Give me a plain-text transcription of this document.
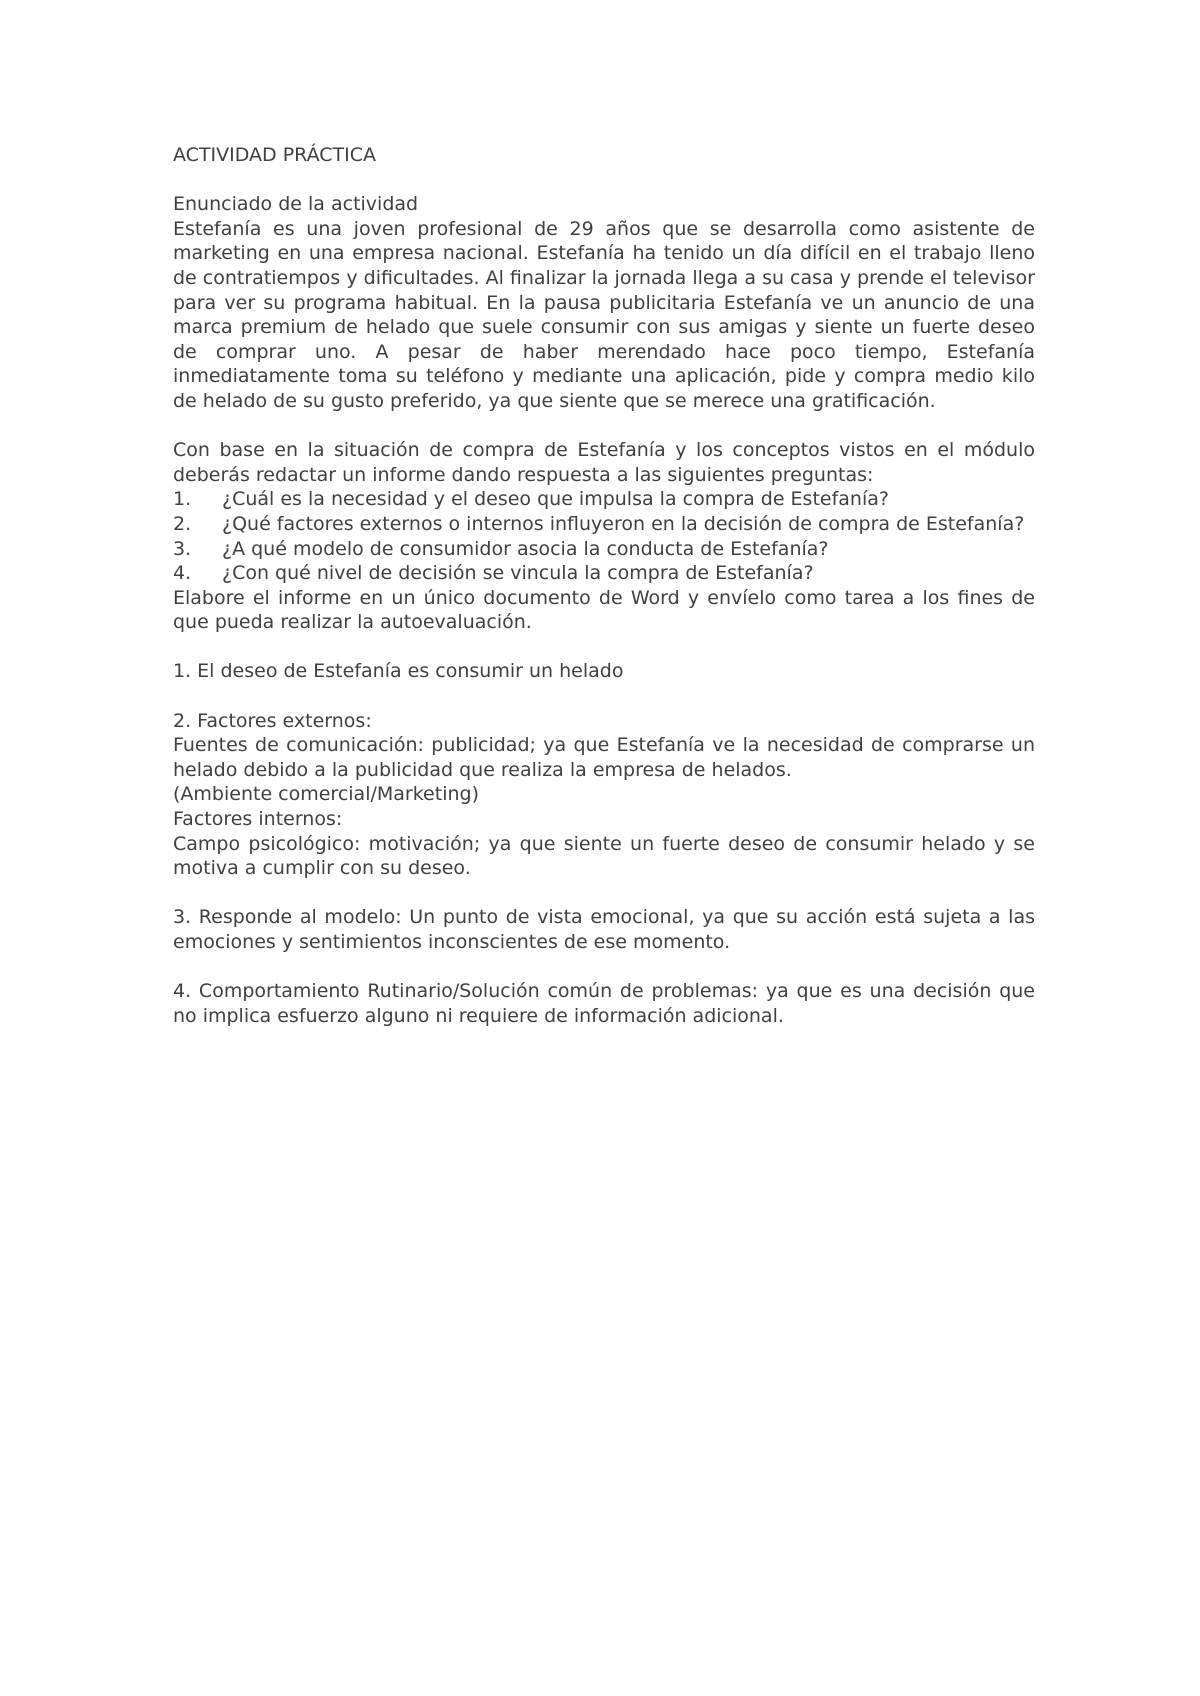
ACTIVIDAD PRÁCTICA

Enunciado de la actividad

Estefanía es una joven profesional de 29 años que se desarrolla como asistente de marketing en una empresa nacional. Estefanía ha tenido un día difícil en el trabajo lleno de contratiempos y dificultades. Al finalizar la jornada llega a su casa y prende el televisor para ver su programa habitual. En la pausa publicitaria Estefanía ve un anuncio de una marca premium de helado que suele consumir con sus amigas y siente un fuerte deseo de comprar uno. A pesar de haber merendado hace poco tiempo, Estefanía inmediatamente toma su teléfono y mediante una aplicación, pide y compra medio kilo de helado de su gusto preferido, ya que siente que se merece una gratificación.

Con base en la situación de compra de Estefanía y los conceptos vistos en el módulo deberás redactar un informe dando respuesta a las siguientes preguntas:

1.	¿Cuál es la necesidad y el deseo que impulsa la compra de Estefanía?

2. ¿Qué factores externos o internos influyeron en la decisión de compra de Estefanía?

3.	¿A qué modelo de consumidor asocia la conducta de Estefanía?
4.	¿Con qué nivel de decisión se vincula la compra de Estefanía?

Elabore el informe en un único documento de Word y envíelo como tarea a los fines de que pueda realizar la autoevaluación.

1. El deseo de Estefanía es consumir un helado

2. Factores externos:

Fuentes de comunicación: publicidad; ya que Estefanía ve la necesidad de comprarse un helado debido a la publicidad que realiza la empresa de helados.

(Ambiente comercial/Marketing)

Factores internos:

Campo psicológico: motivación; ya que siente un fuerte deseo de consumir helado y se motiva a cumplir con su deseo.

3. Responde al modelo: Un punto de vista emocional, ya que su acción está sujeta a las emociones y sentimientos inconscientes de ese momento.

4. Comportamiento Rutinario/Solución común de problemas: ya que es una decisión que no implica esfuerzo alguno ni requiere de información adicional.
